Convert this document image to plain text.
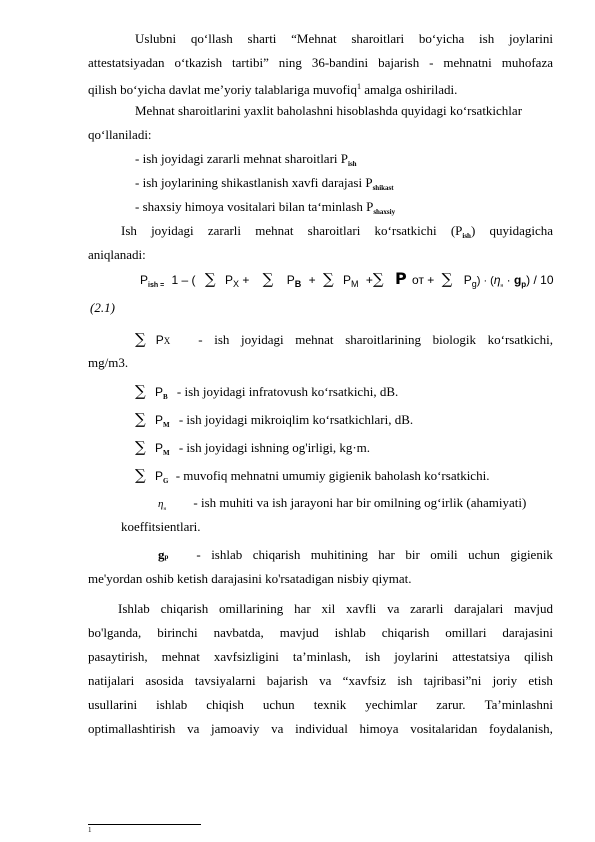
Uslubni qo‘llash sharti “Mehnat sharoitlari bo‘yicha ish joylarini
attestatsiyadan o‘tkazish tartibi” ning 36-bandini bajarish - mehnatni muhofaza
qilish bo‘yicha davlat me’yoriy talablariga muvofiq$^1$ amalga oshiriladi.
Mehnat sharoitlarini yaxlit baholashni hisoblashda quyidagi ko‘rsatkichlar
qo‘llaniladi:
- ish joyidagi zararli mehnat sharoitlari $P_{ish}$
- ish joylarining shikastlanish xavfi darajasi $P_{shikast}$
- shaxsiy himoya vositalari bilan ta‘minlash $P_{shaxsiy}$
Ish joyidagi zararli mehnat sharoitlari ko‘rsatkichi $(P_{ish})$ quyidagicha
aniqlanadi:
$P_{ish =}$ 1 – ( ∑ $P_X$ + ∑ $P_B$ + ∑ $P_M$ +∑ P от + ∑ $P_g) \cdot (\eta_н \cdot g_p) / 10$
(2.1)
∑ P X - ish joyidagi mehnat sharoitlarining biologik ko‘rsatkichi,
mg/m3.
∑ $P_B$ - ish joyidagi infratovush ko‘rsatkichi, dB.
∑ $P_M$ - ish joyidagi mikroiqlim ko‘rsatkichlari, dB.
∑ $P_M$ - ish joyidagi ishning og'irligi, kg·m.
∑ $P_G$ - muvofiq mehnatni umumiy gigienik baholash ko‘rsatkichi.
$\eta_н$ - ish muhiti va ish jarayoni har bir omilning og‘irlik (ahamiyati)
koeffitsientlari.
g p - ishlab chiqarish muhitining har bir omili uchun gigienik
me'yordan oshib ketish darajasini ko'rsatadigan nisbiy qiymat.
Ishlab chiqarish omillarining har xil xavfli va zararli darajalari mavjud
bo'lganda, birinchi navbatda, mavjud ishlab chiqarish omillari darajasini
pasaytirish, mehnat xavfsizligini ta’minlash, ish joylarini attestatsiya qilish
natijalari asosida tavsiyalarni bajarish va “xavfsiz ish tajribasi”ni joriy etish
usullarini ishlab chiqish uchun texnik yechimlar zarur. Ta’minlashni
optimallashtirish va jamoaviy va individual himoya vositalaridan foydalanish,
1
